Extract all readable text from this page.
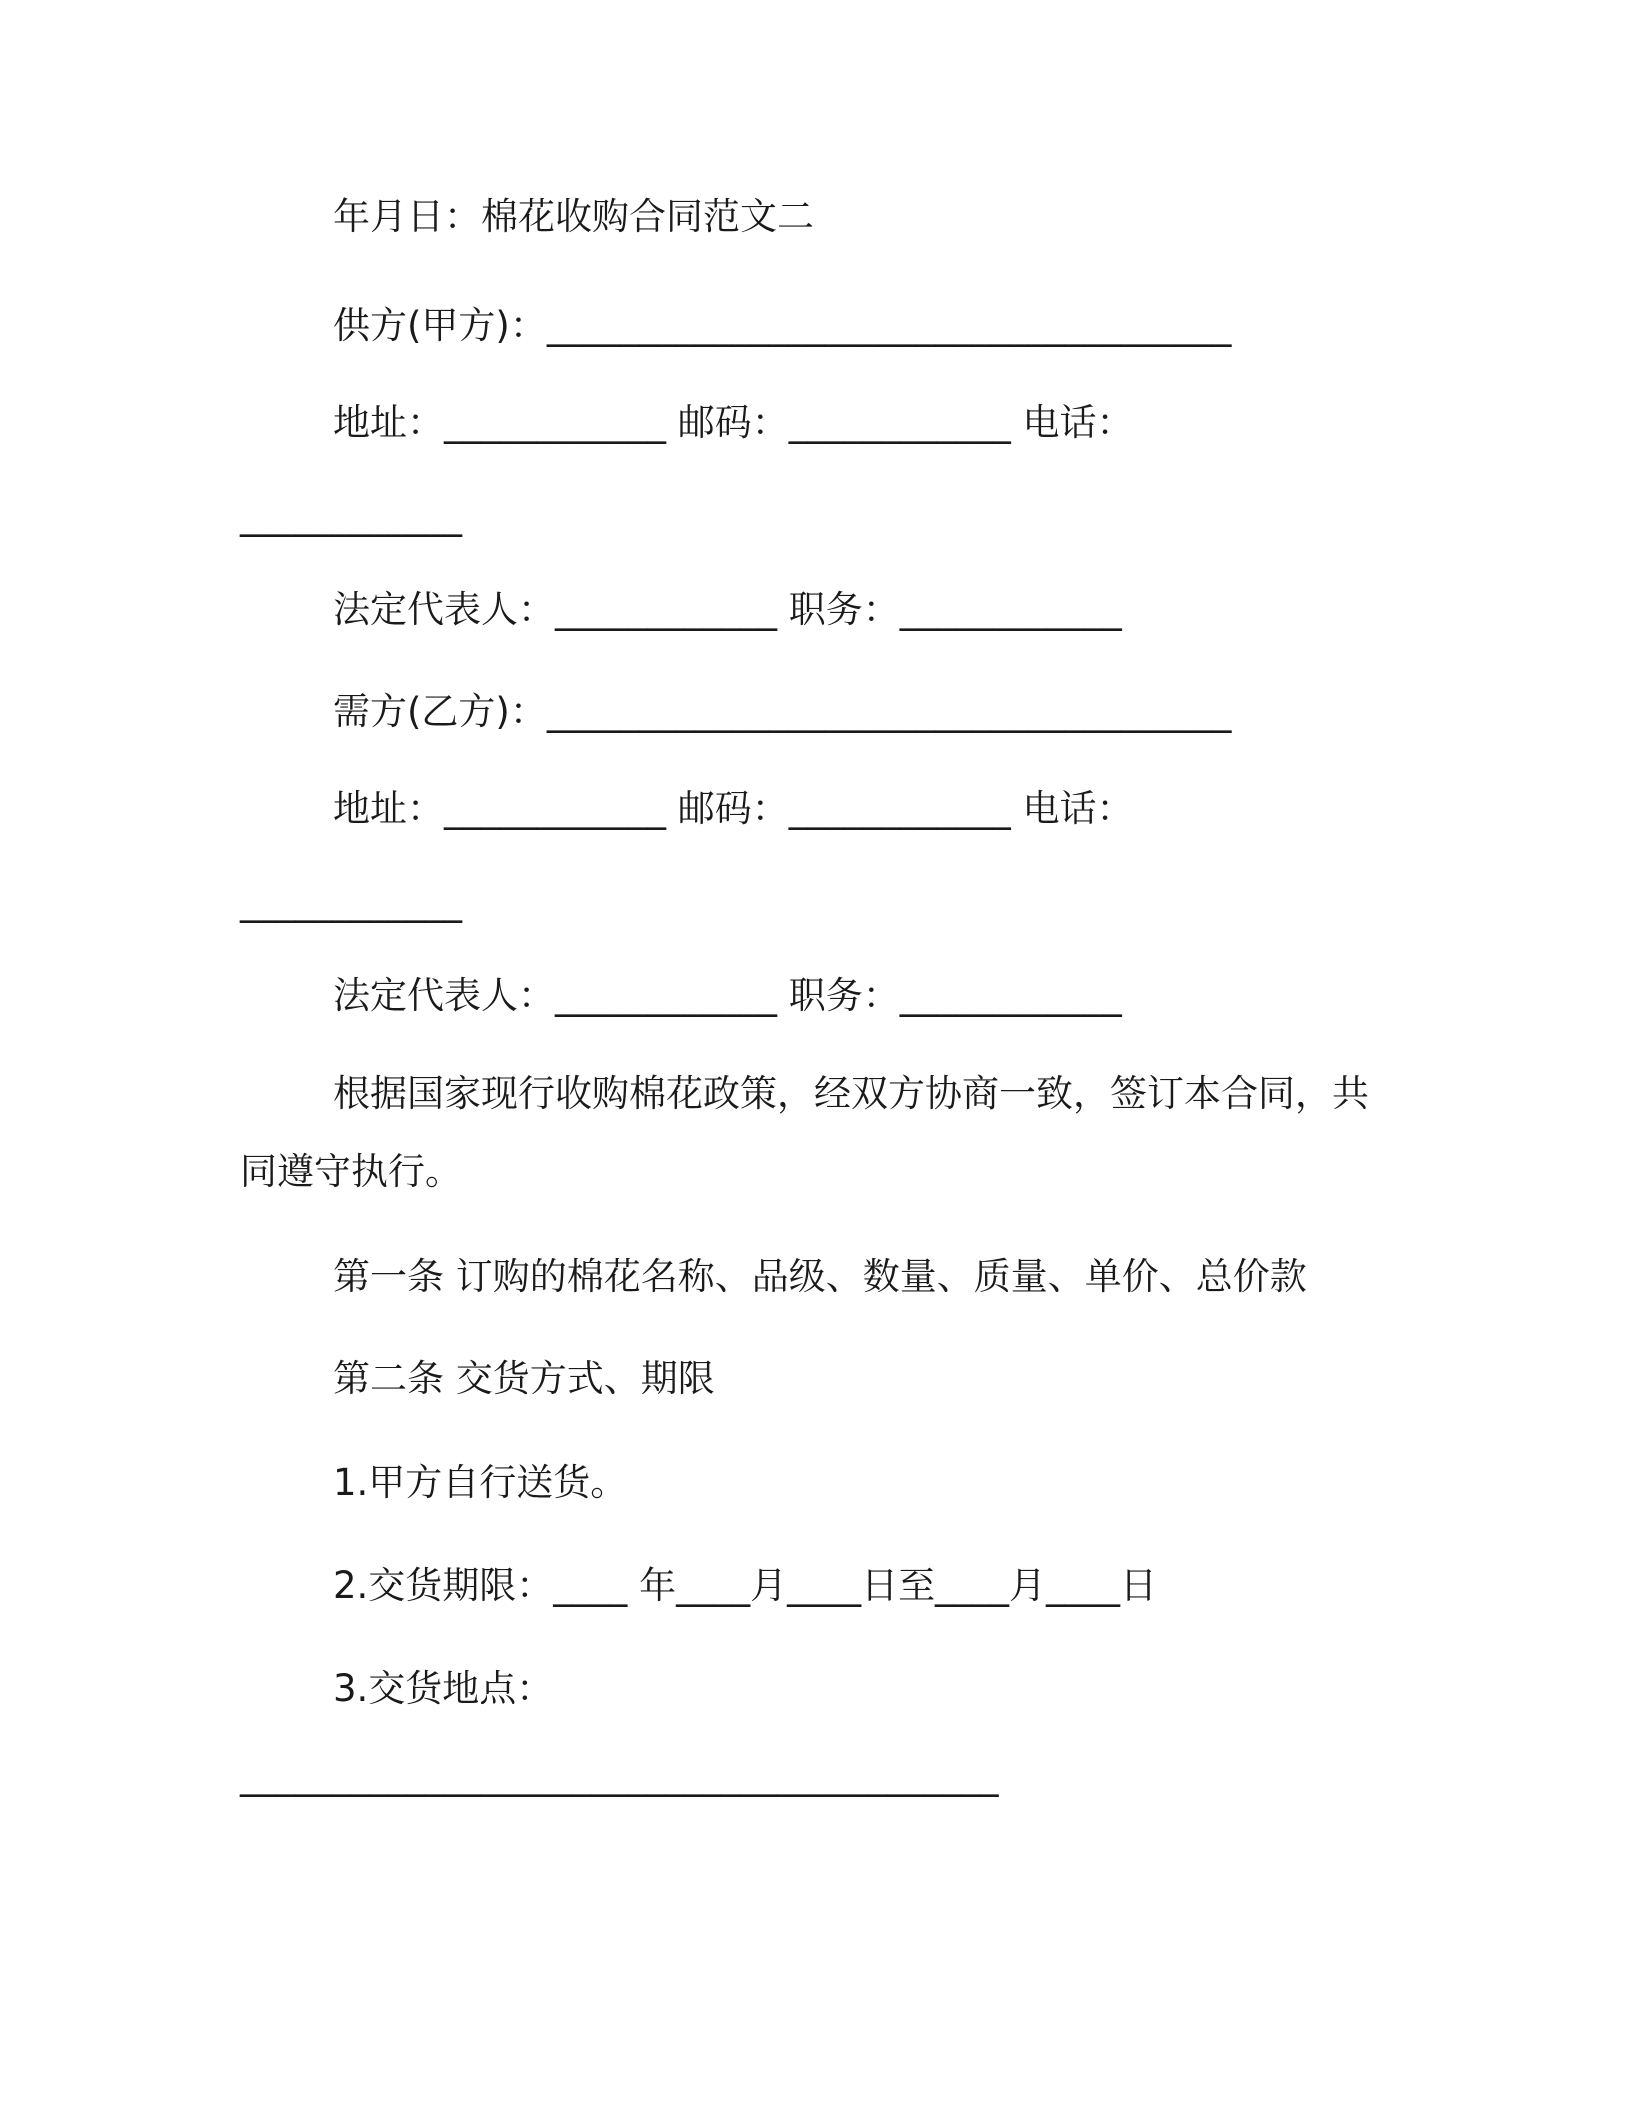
年月日：棉花收购合同范文二
供方(甲方)：_____________________________________
地址：____________ 邮码：____________ 电话：
____________
法定代表人：____________ 职务：____________
需方(乙方)：_____________________________________
地址：____________ 邮码：____________ 电话：
____________
法定代表人：____________ 职务：____________
根据国家现行收购棉花政策，经双方协商一致，签订本合同，共
同遵守执行。
第一条 订购的棉花名称、品级、数量、质量、单价、总价款
第二条 交货方式、期限
1.甲方自行送货。
2.交货期限：____ 年____月____日至____月____日
3.交货地点：
_________________________________________
